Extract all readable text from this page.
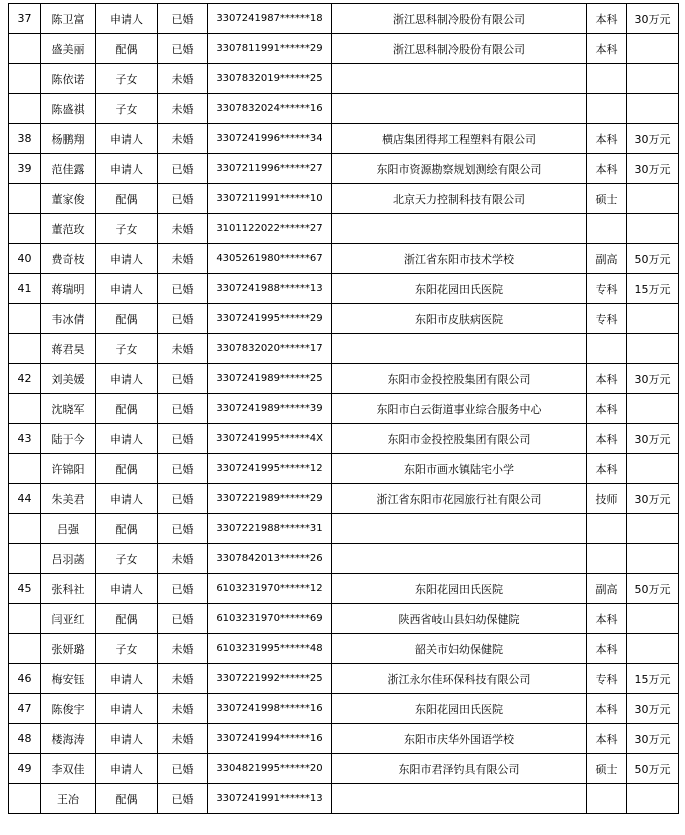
37	陈卫富	申请人	已婚	3307241987******18	浙江思科制冷股份有限公司	本科	30万元
	盛美丽	配偶	已婚	3307811991******29	浙江思科制冷股份有限公司	本科	
	陈依诺	子女	未婚	3307832019******25			
	陈盛祺	子女	未婚	3307832024******16			
38	杨鹏翔	申请人	未婚	3307241996******34	横店集团得邦工程塑料有限公司	本科	30万元
39	范佳露	申请人	已婚	3307211996******27	东阳市资源勘察规划测绘有限公司	本科	30万元
	董家俊	配偶	已婚	3307211991******10	北京天力控制科技有限公司	硕士	
	董范玫	子女	未婚	3101122022******27			
40	费奇枝	申请人	未婚	4305261980******67	浙江省东阳市技术学校	副高	50万元
41	蒋瑞明	申请人	已婚	3307241988******13	东阳花园田氏医院	专科	15万元
	韦冰倩	配偶	已婚	3307241995******29	东阳市皮肤病医院	专科	
	蒋君昊	子女	未婚	3307832020******17			
42	刘美媛	申请人	已婚	3307241989******25	东阳市金投控股集团有限公司	本科	30万元
	沈晓军	配偶	已婚	3307241989******39	东阳市白云街道事业综合服务中心	本科	
43	陆于今	申请人	已婚	3307241995******4X	东阳市金投控股集团有限公司	本科	30万元
	许锦阳	配偶	已婚	3307241995******12	东阳市画水镇陆宅小学	本科	
44	朱美君	申请人	已婚	3307221989******29	浙江省东阳市花园旅行社有限公司	技师	30万元
	吕强	配偶	已婚	3307221988******31			
	吕羽菡	子女	未婚	3307842013******26			
45	张科社	申请人	已婚	6103231970******12	东阳花园田氏医院	副高	50万元
	闫亚红	配偶	已婚	6103231970******69	陕西省岐山县妇幼保健院	本科	
	张妍璐	子女	未婚	6103231995******48	韶关市妇幼保健院	本科	
46	梅安钰	申请人	未婚	3307221992******25	浙江永尔佳环保科技有限公司	专科	15万元
47	陈俊宇	申请人	未婚	3307241998******16	东阳花园田氏医院	本科	30万元
48	楼海涛	申请人	未婚	3307241994******16	东阳市庆华外国语学校	本科	30万元
49	李双佳	申请人	已婚	3304821995******20	东阳市君泽钓具有限公司	硕士	50万元
	王冶	配偶	已婚	3307241991******13			
